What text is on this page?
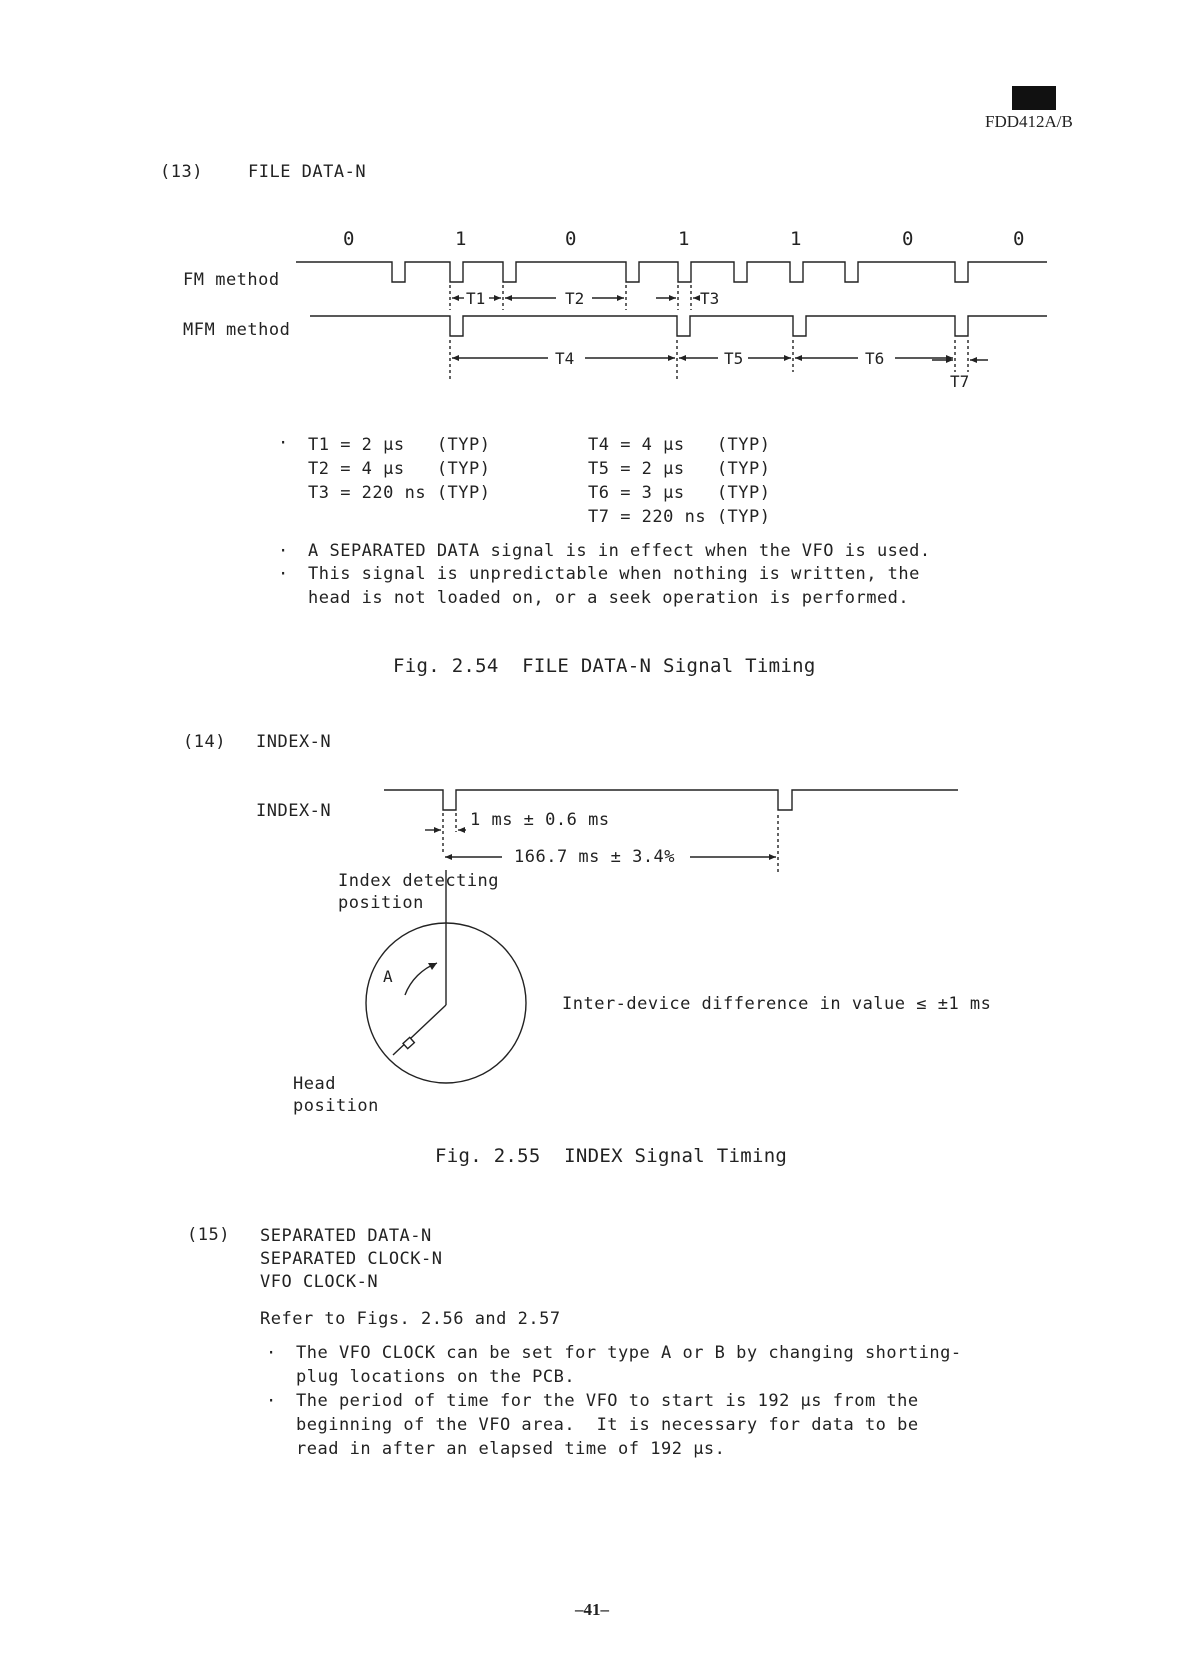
FDD412A/B
(13)	FILE DATA-N

0

	1

	0

	1

	1

	0

	0

FM method
MFM method
T1	T2	T3
T4	T5	T6
T7
· T1 = 2 µs   (TYP)
T2 = 4 µs   (TYP)
T3 = 220 ns (TYP)
T4 = 4 µs   (TYP)
T5 = 2 µs   (TYP)
T6 = 3 µs   (TYP)
T7 = 220 ns (TYP)
· A SEPARATED DATA signal is in effect when the VFO is used.
· This signal is unpredictable when nothing is written, the
head is not loaded on, or a seek operation is performed.
Fig. 2.54  FILE DATA-N Signal Timing
(14) INDEX-N
INDEX-N	1 ms ± 0.6 ms
166.7 ms ± 3.4%
Index detecting
position
A
Inter-device difference in value ≤ ±1 ms
Head
position
Fig. 2.55  INDEX Signal Timing
(15) SEPARATED DATA-N
SEPARATED CLOCK-N
VFO CLOCK-N
Refer to Figs. 2.56 and 2.57
· The VFO CLOCK can be set for type A or B by changing shorting-
plug locations on the PCB.
· The period of time for the VFO to start is 192 µs from the
beginning of the VFO area.  It is necessary for data to be
read in after an elapsed time of 192 µs.
–41–
